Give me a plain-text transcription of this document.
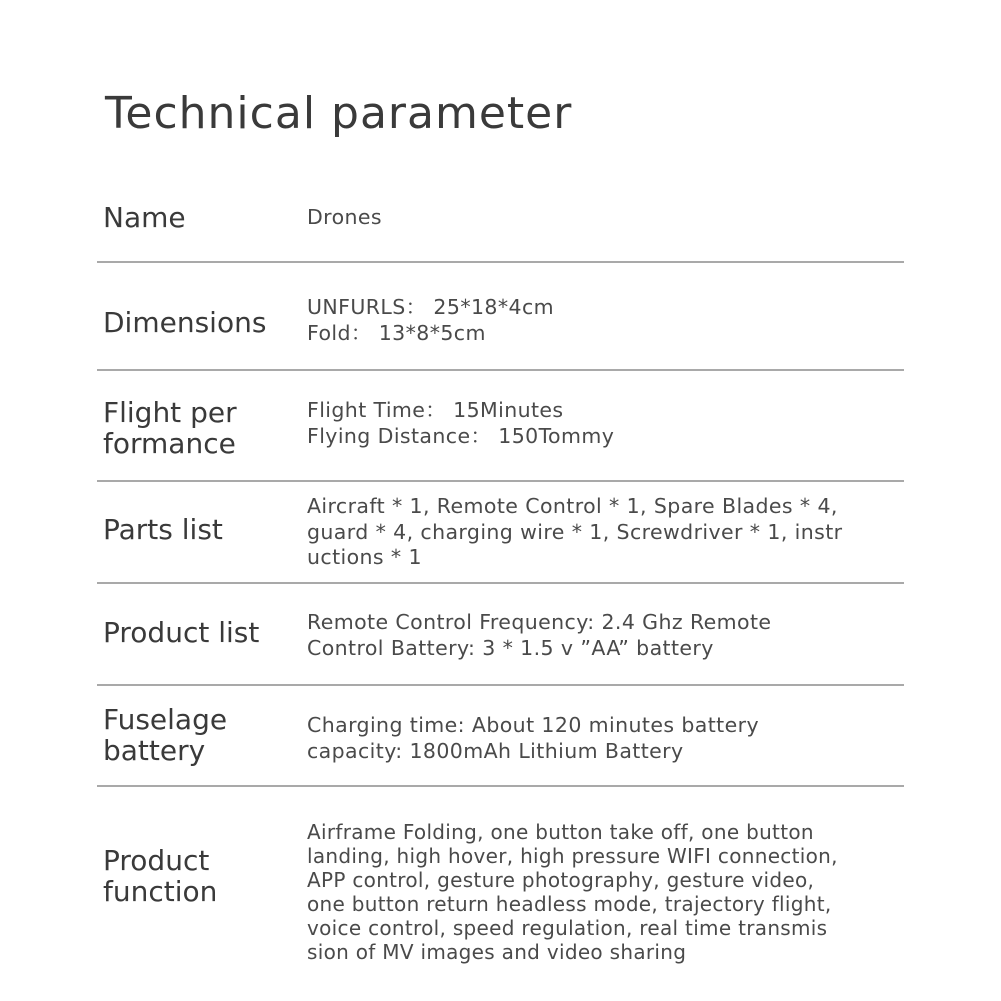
Technical parameter
Name	Drones
Dimensions UNFURLS： 25*18*4cm
Fold： 13*8*5cm
Flight per
formance
Flight Time： 15Minutes
Flying Distance： 150Tommy
Parts list
Aircraft * 1, Remote Control * 1, Spare Blades * 4,
guard * 4, charging wire * 1, Screwdriver * 1, instr
uctions * 1
Product list Remote Control Frequency: 2.4 Ghz Remote
Control Battery: 3 * 1.5 v ”AA” battery
Fuselage
battery
Charging time: About 120 minutes battery
capacity: 1800mAh Lithium Battery
Product
function
Airframe Folding, one button take off, one button
landing, high hover, high pressure WIFI connection,
APP control, gesture photography, gesture video,
one button return headless mode, trajectory flight,
voice control, speed regulation, real time transmis
sion of MV images and video sharing
